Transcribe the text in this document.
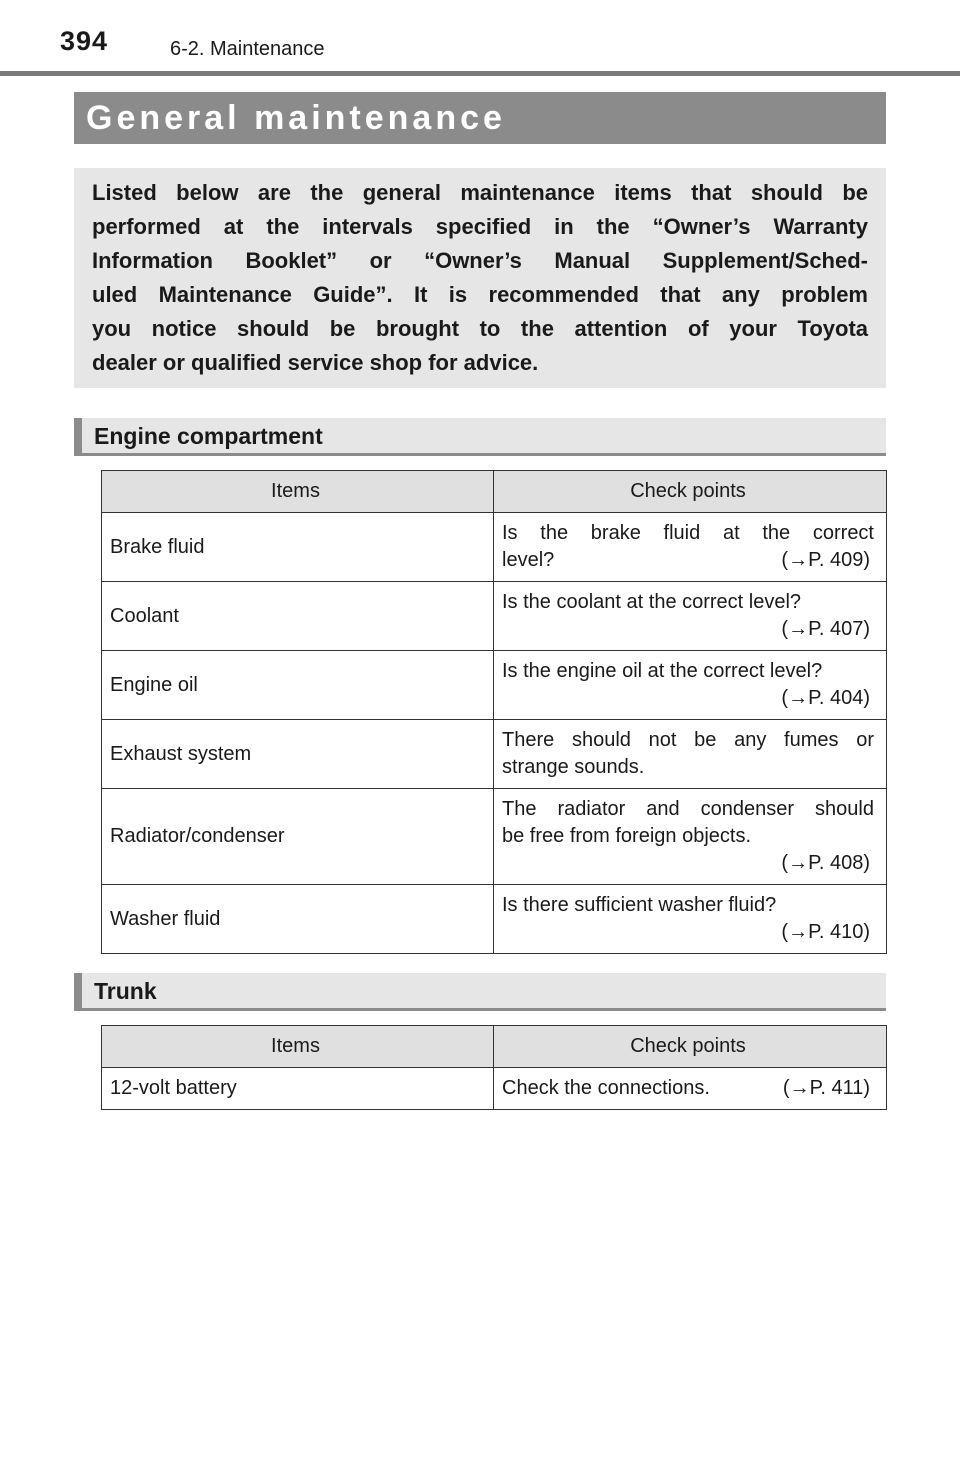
394	6-2. Maintenance
General maintenance
Listed below are the general maintenance items that should be
performed at the intervals specified in the “Owner’s Warranty
Information Booklet” or “Owner’s Manual Supplement/Sched-
uled Maintenance Guide”. It is recommended that any problem
you notice should be brought to the attention of your Toyota
dealer or qualified service shop for advice.
Engine compartment
Items	Check points
Brake fluid	Is the brake fluid at the correct
level? (→P. 409)

Coolant	Is the coolant at the correct level?
(→P. 407)

Engine oil	Is the engine oil at the correct level?
(→P. 404)

Exhaust system	There should not be any fumes or
strange sounds.

Radiator/condenser	The radiator and condenser should
be free from foreign objects.
(→P. 408)

Washer fluid	Is there sufficient washer fluid?
(→P. 410)
Trunk
Items	Check points
12-volt battery	Check the connections. (→P. 411)
